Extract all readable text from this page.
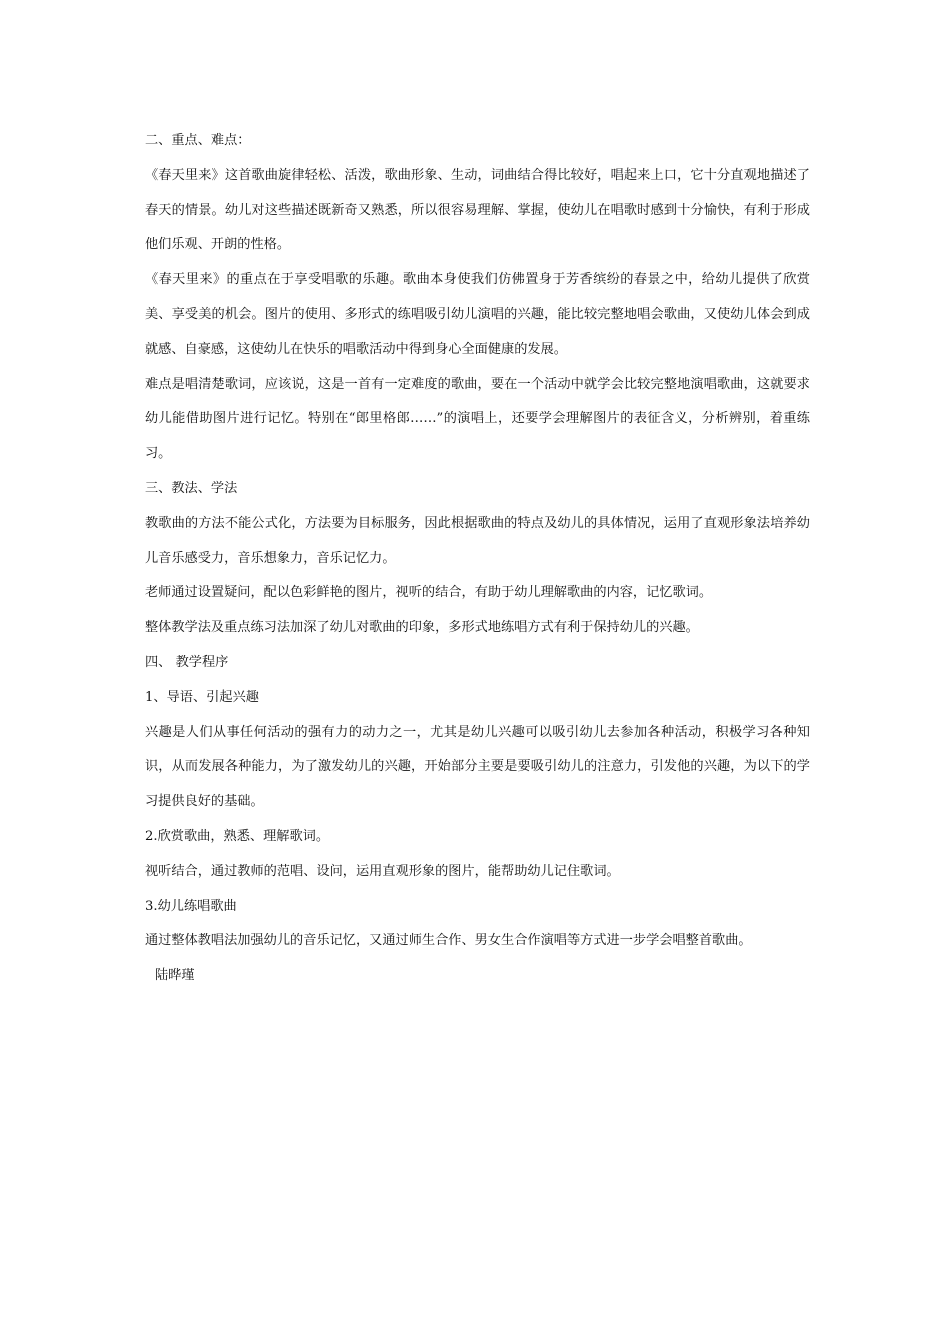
二、重点、难点：

《春天里来》这首歌曲旋律轻松、活泼，歌曲形象、生动，词曲结合得比较好，唱起来上口，它十分直观地描述了春天的情景。幼儿对这些描述既新奇又熟悉，所以很容易理解、掌握，使幼儿在唱歌时感到十分愉快，有利于形成他们乐观、开朗的性格。

《春天里来》的重点在于享受唱歌的乐趣。歌曲本身使我们仿佛置身于芳香缤纷的春景之中，给幼儿提供了欣赏美、享受美的机会。图片的使用、多形式的练唱吸引幼儿演唱的兴趣，能比较完整地唱会歌曲，又使幼儿体会到成就感、自豪感，这使幼儿在快乐的唱歌活动中得到身心全面健康的发展。

难点是唱清楚歌词，应该说，这是一首有一定难度的歌曲，要在一个活动中就学会比较完整地演唱歌曲，这就要求幼儿能借助图片进行记忆。特别在“郎里格郎……”的演唱上，还要学会理解图片的表征含义，分析辨别，着重练习。

三、教法、学法

教歌曲的方法不能公式化，方法要为目标服务，因此根据歌曲的特点及幼儿的具体情况，运用了直观形象法培养幼儿音乐感受力，音乐想象力，音乐记忆力。

老师通过设置疑问，配以色彩鲜艳的图片，视听的结合，有助于幼儿理解歌曲的内容，记忆歌词。

整体教学法及重点练习法加深了幼儿对歌曲的印象，多形式地练唱方式有利于保持幼儿的兴趣。

四、 教学程序

1、导语、引起兴趣

兴趣是人们从事任何活动的强有力的动力之一，尤其是幼儿兴趣可以吸引幼儿去参加各种活动，积极学习各种知识，从而发展各种能力，为了激发幼儿的兴趣，开始部分主要是要吸引幼儿的注意力，引发他的兴趣，为以下的学习提供良好的基础。

2.欣赏歌曲，熟悉、理解歌词。

视听结合，通过教师的范唱、设问，运用直观形象的图片，能帮助幼儿记住歌词。

3.幼儿练唱歌曲

通过整体教唱法加强幼儿的音乐记忆，又通过师生合作、男女生合作演唱等方式进一步学会唱整首歌曲。

陆晔瑾
